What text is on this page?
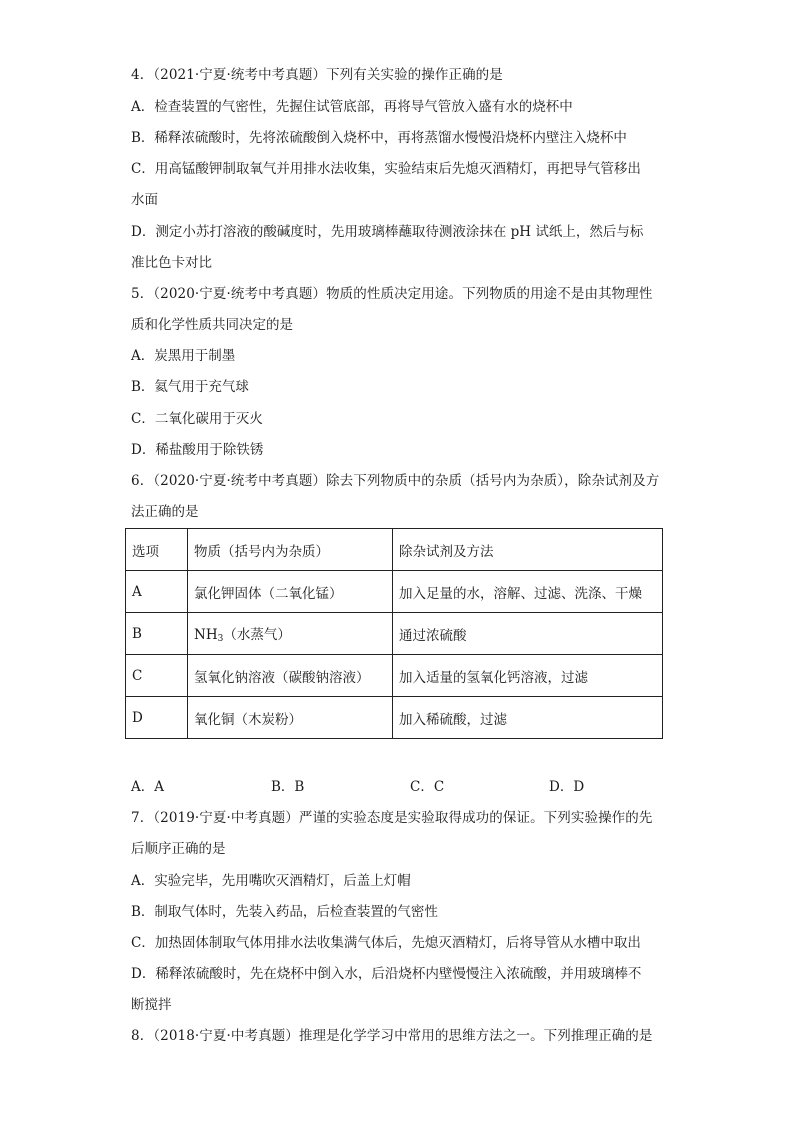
4．（2021·宁夏·统考中考真题）下列有关实验的操作正确的是
A．检查装置的气密性，先握住试管底部，再将导气管放入盛有水的烧杯中
B．稀释浓硫酸时，先将浓硫酸倒入烧杯中，再将蒸馏水慢慢沿烧杯内壁注入烧杯中
C．用高锰酸钾制取氧气并用排水法收集，实验结束后先熄灭酒精灯，再把导气管移出
水面
D．测定小苏打溶液的酸碱度时，先用玻璃棒蘸取待测液涂抹在 pH 试纸上，然后与标
准比色卡对比
5．（2020·宁夏·统考中考真题）物质的性质决定用途。下列物质的用途不是由其物理性
质和化学性质共同决定的是
A．炭黑用于制墨
B．氦气用于充气球
C．二氧化碳用于灭火
D．稀盐酸用于除铁锈
6．（2020·宁夏·统考中考真题）除去下列物质中的杂质（括号内为杂质），除杂试剂及方
法正确的是
选项	物质（括号内为杂质）	除杂试剂及方法
A	氯化钾固体（二氧化锰）	加入足量的水，溶解、过滤、洗涤、干燥
B	$NH_3$（水蒸气）	通过浓硫酸
C	氢氧化钠溶液（碳酸钠溶液）	加入适量的氢氧化钙溶液，过滤
D	氧化铜（木炭粉）	加入稀硫酸，过滤
A．A	B．B	C．C	D．D
7．（2019·宁夏·中考真题）严谨的实验态度是实验取得成功的保证。下列实验操作的先
后顺序正确的是
A．实验完毕，先用嘴吹灭酒精灯，后盖上灯帽
B．制取气体时，先装入药品，后检查装置的气密性
C．加热固体制取气体用排水法收集满气体后，先熄灭酒精灯，后将导管从水槽中取出
D．稀释浓硫酸时，先在烧杯中倒入水，后沿烧杯内壁慢慢注入浓硫酸，并用玻璃棒不
断搅拌
8．（2018·宁夏·中考真题）推理是化学学习中常用的思维方法之一。下列推理正确的是
